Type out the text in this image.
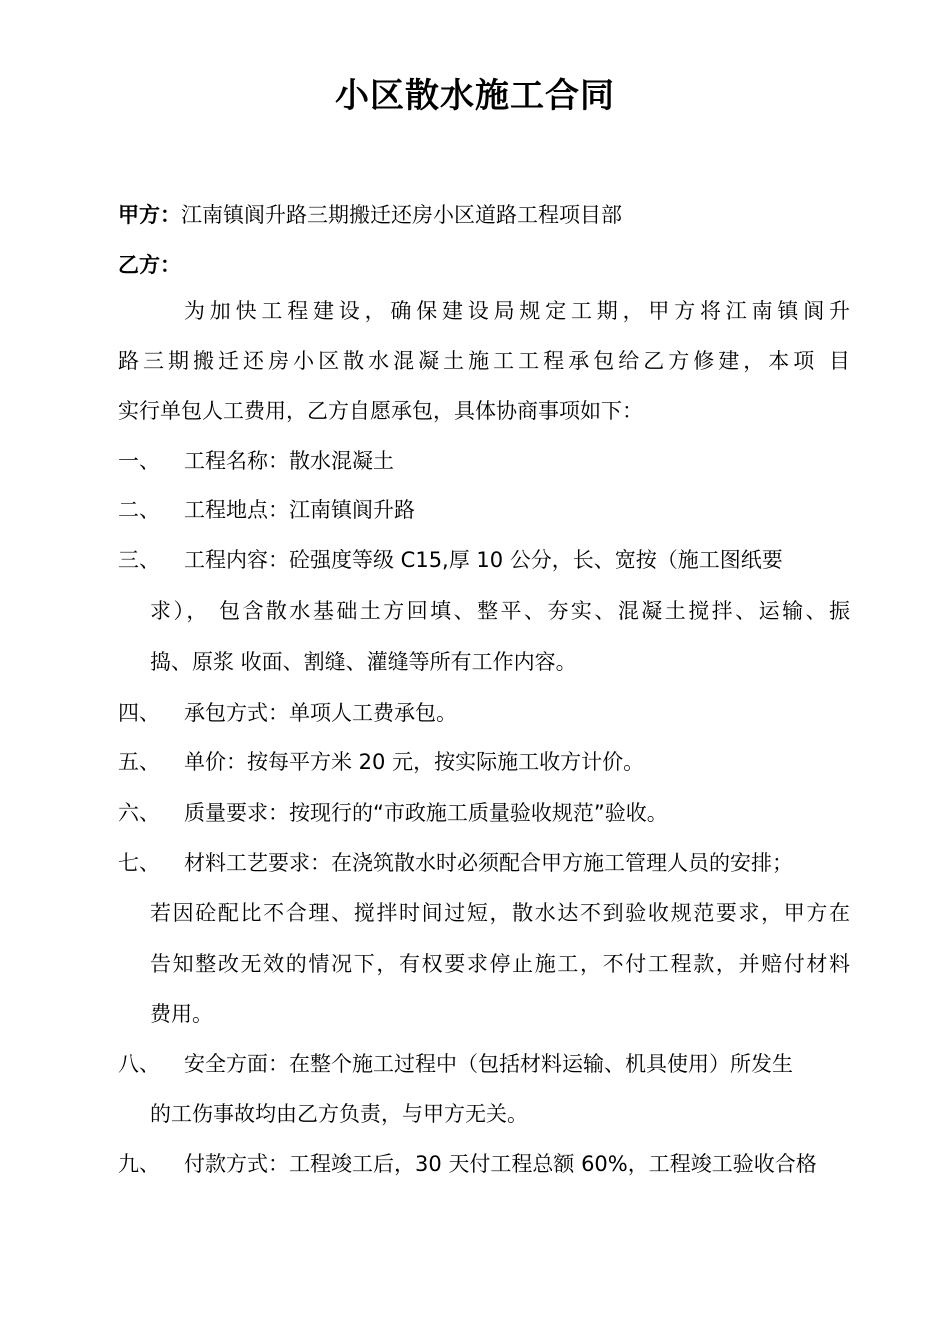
小区散水施工合同
甲方：江南镇阆升路三期搬迁还房小区道路工程项目部
乙方：
为加快工程建设，确保建设局规定工期，甲方将江南镇阆升
路三期搬迁还房小区散水混凝土施工工程承包给乙方修建，本项 目
实行单包人工费用，乙方自愿承包，具体协商事项如下：
一、 工程名称：散水混凝土
二、 工程地点：江南镇阆升路
三、 工程内容：砼强度等级 C15,厚 10 公分，长、宽按（施工图纸要
求）， 包含散水基础土方回填、整平、夯实、混凝土搅拌、运输、振
捣、原浆 收面、割缝、灌缝等所有工作内容。
四、 承包方式：单项人工费承包。
五、 单价：按每平方米 20 元，按实际施工收方计价。
六、 质量要求：按现行的“市政施工质量验收规范”验收。
七、 材料工艺要求：在浇筑散水时必须配合甲方施工管理人员的安排；
若因砼配比不合理、搅拌时间过短，散水达不到验收规范要求，甲方在
告知整改无效的情况下，有权要求停止施工，不付工程款，并赔付材料
费用。
八、 安全方面：在整个施工过程中（包括材料运输、机具使用）所发生
的工伤事故均由乙方负责，与甲方无关。
九、 付款方式：工程竣工后，30 天付工程总额 60%，工程竣工验收合格
